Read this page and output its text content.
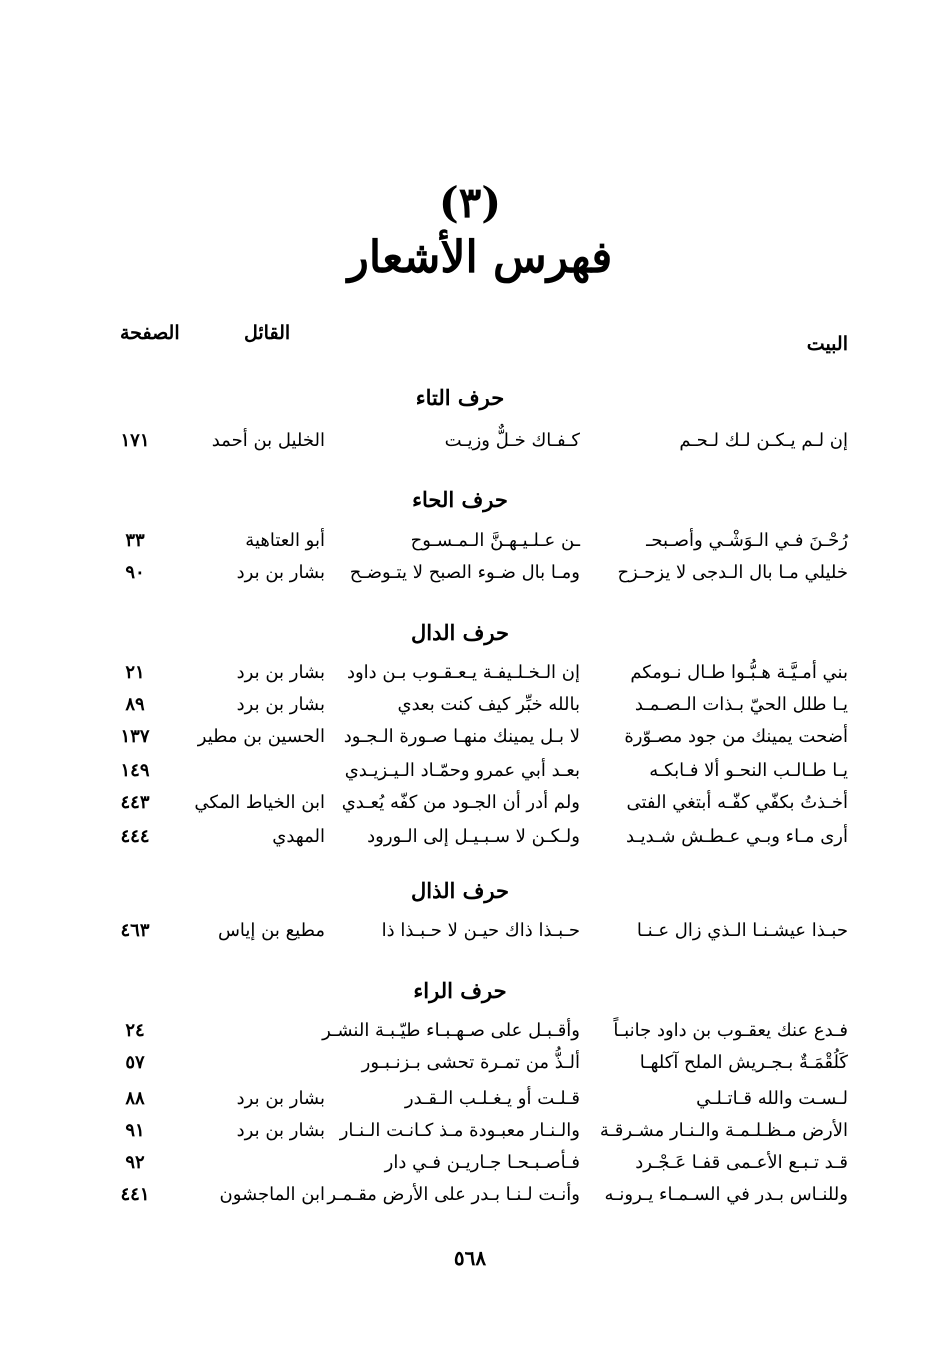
(٣)
فهرس الأشعار
البيت
القائل
الصفحة
حرف التاء
إن لـم يـكـن لـك لـحـم
كـفـاك خـلٌّ وزيـت
الخليل بن أحمد
١٧١
حرف الحاء
رُحْـنَ فـي الـوَشْـي وأصـبحـ
ـن عـلـيـهـنَّ الـمـسـوح
أبو العتاهية
٣٣
خليلي مـا بال الـدجى لا يزحـزح
ومـا بال ضـوء الصبح لا يتـوضـح
بشار بن برد
٩٠
حرف الدال
بني أمـيَّـة هـبُّـوا طـال نـومكم
إن الـخـلـيفـة يـعـقـوب بـن داود
بشار بن برد
٢١
يـا طلل الحيّ بـذات الـصـمـد
بالله خبِّر كيف كنت بعدي
بشار بن برد
٨٩
أضحت يمينك من جود مصـوّرة
لا بـل يمينك منهـا صـورة الـجـود
الحسين بن مطير
١٣٧
يـا طـالـب النحـو ألا فـابكـه
بعـد أبي عمرو وحمّـاد الـيـزيـدي
١٤٩
أخـذتُ بكفّي كفّـه أبتغي الفتى
ولم أدر أن الجـود من كفّه يُعـدي
ابن الخياط المكي
٤٤٣
أرى مـاء وبـي عـطـش شـديـد
ولـكـن لا سـبـيـل إلى الـورود
المهدي
٤٤٤
حرف الذال
حبـذا عيشـنـا الـذي زال عـنـا
حـبـذا ذاك حيـن لا حـبـذا ذا
مطيع بن إياس
٤٦٣
حرف الراء
فـدع عنك يعقـوب بن داود جانبـاً
وأقـبـل على صـهـبـاء طيّـبـة النشـر
٢٤
كَلُقْمَـةٌ بـجـريش الملح آكلهـا
ألـذُّ من تمـرة تحشى بـزنـبـور
٥٧
لـسـت والله قـاتـلـي
قـلـت أو يـغـلـب الـقـدر
بشار بن برد
٨٨
الأرض مـظـلـمـة والـنـار مشـرقـة
والـنـار معبـودة مـذ كـانـت الـنـار
بشار بن برد
٩١
قـد تـبـع الأعـمى قفـا عَـجْـرد
فـأصـبـحـا جـاريـن فـي دار
٩٢
وللنـاس بـدر في السـمـاء يـرونـه
وأنـت لـنـا بـدر على الأرض مقـمـر
ابن الماجشون
٤٤١
٥٦٨
